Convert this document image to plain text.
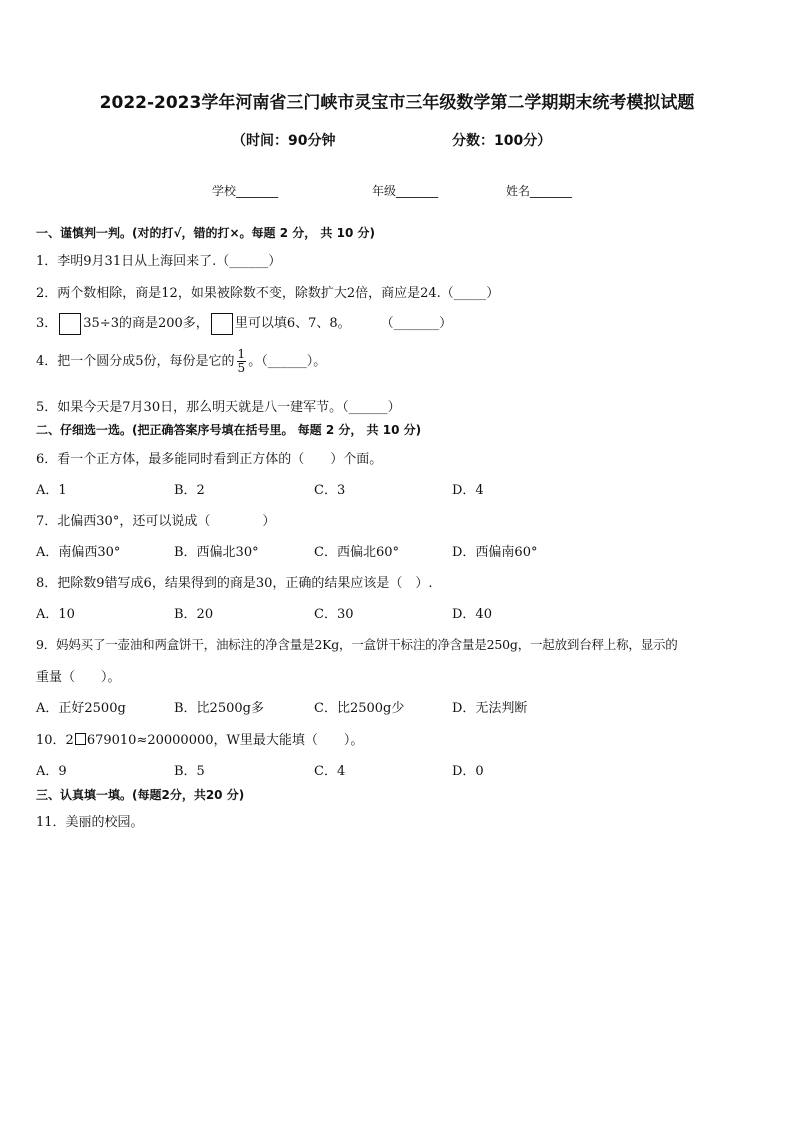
2022-2023学年河南省三门峡市灵宝市三年级数学第二学期期末统考模拟试题
（时间：90分钟	分数：100分）
学校_______	年级_______	姓名_______
一、谨慎判一判。(对的打√，错的打×。每题 2 分， 共 10 分)
1．李明9月31日从上海回来了.（______）
2．两个数相除，商是12，如果被除数不变，除数扩大2倍，商应是24.（_____）
3． 35÷3的商是200多， 里可以填6、7、8。 （_______）
4．把一个圆分成5份，每份是它的 $\frac{1}{5}$ 。（______）。
5．如果今天是7月30日，那么明天就是八一建军节。（______）
二、仔细选一选。(把正确答案序号填在括号里。 每题 2 分， 共 10 分)
6．看一个正方体，最多能同时看到正方体的（　　）个面。
A．1	B．2	C．3	D．4
7．北偏西30°，还可以说成（　　　　）
A．南偏西30°	B．西偏北30°	C．西偏北60°	D．西偏南60°
8．把除数9错写成6，结果得到的商是30，正确的结果应该是（　）.
A．10	B．20	C．30	D．40
9．妈妈买了一壶油和两盒饼干，油标注的净含量是2Kg，一盒饼干标注的净含量是250g，一起放到台秤上称，显示的
重量（　　）。
A．正好2500g	B．比2500g多	C．比2500g少	D．无法判断
10．2 679010≈20000000，W里最大能填（　　）。
A．9	B．5	C．4	D．0
三、认真填一填。(每题2分，共20 分)
11．美丽的校园。
